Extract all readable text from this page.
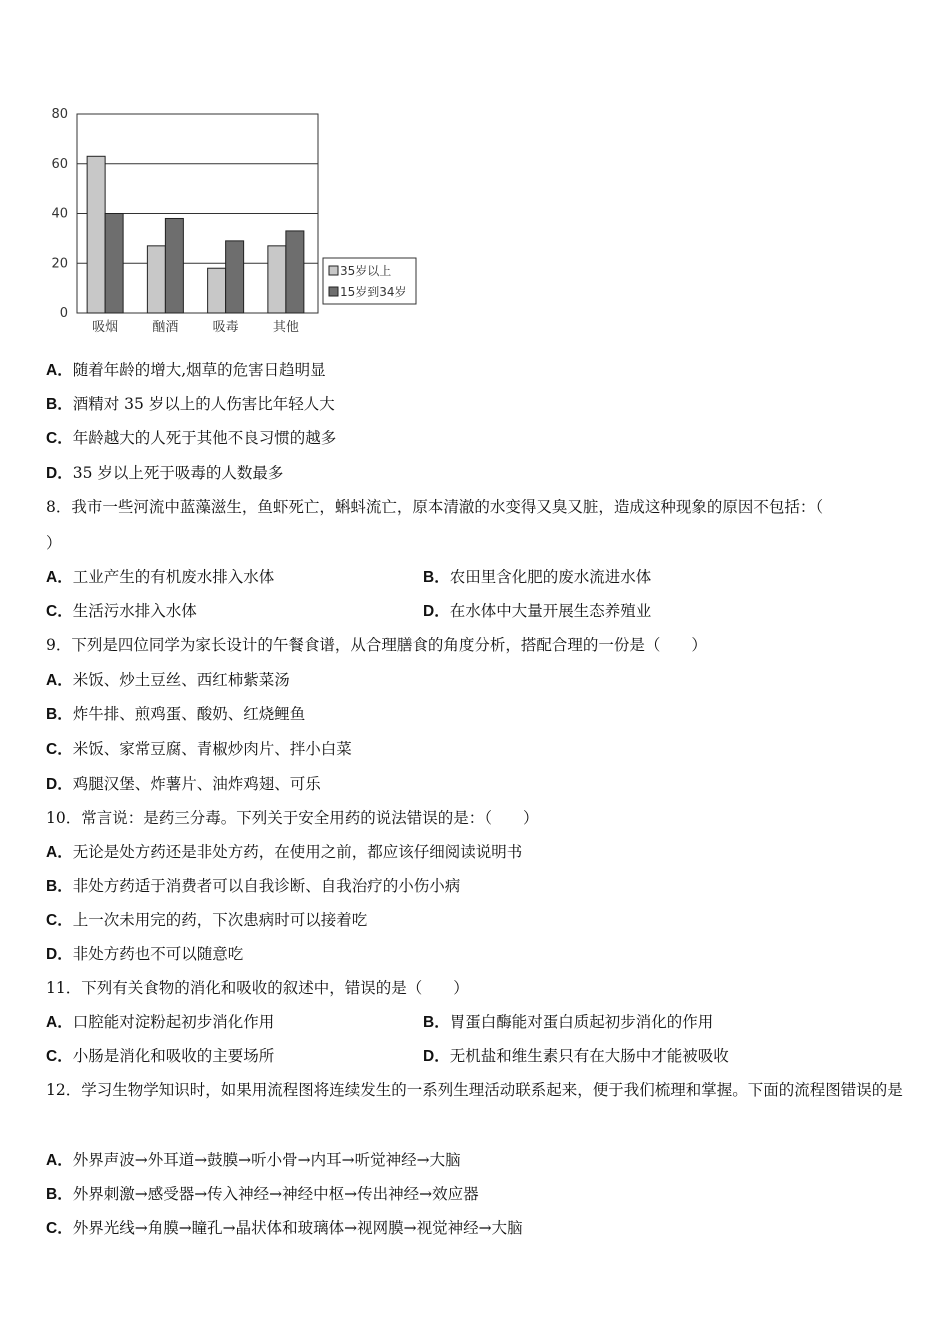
0
20
40
60
80
吸烟	酗酒	吸毒	其他
35岁以上
15岁到34岁
A．随着年龄的增大,烟草的危害日趋明显
B．酒精对 35 岁以上的人伤害比年轻人大
C．年龄越大的人死于其他不良习惯的越多
D．35 岁以上死于吸毒的人数最多
8．我市一些河流中蓝藻滋生，鱼虾死亡，蝌蚪流亡，原本清澈的水变得又臭又脏，造成这种现象的原因不包括：（
）
A．工业产生的有机废水排入水体	B．农田里含化肥的废水流进水体
C．生活污水排入水体	D．在水体中大量开展生态养殖业
9．下列是四位同学为家长设计的午餐食谱，从合理膳食的角度分析，搭配合理的一份是（　　）
A．米饭、炒土豆丝、西红柿紫菜汤
B．炸牛排、煎鸡蛋、酸奶、红烧鲤鱼
C．米饭、家常豆腐、青椒炒肉片、拌小白菜
D．鸡腿汉堡、炸薯片、油炸鸡翅、可乐
10．常言说：是药三分毒。下列关于安全用药的说法错误的是：（　　）
A．无论是处方药还是非处方药，在使用之前，都应该仔细阅读说明书
B．非处方药适于消费者可以自我诊断、自我治疗的小伤小病
C．上一次未用完的药，下次患病时可以接着吃
D．非处方药也不可以随意吃
11．下列有关食物的消化和吸收的叙述中，错误的是（　　）
A．口腔能对淀粉起初步消化作用	B．胃蛋白酶能对蛋白质起初步消化的作用
C．小肠是消化和吸收的主要场所	D．无机盐和维生素只有在大肠中才能被吸收
12．学习生物学知识时，如果用流程图将连续发生的一系列生理活动联系起来，便于我们梳理和掌握。下面的流程图错误的是
A．外界声波→外耳道→鼓膜→听小骨→内耳→听觉神经→大脑
B．外界刺激→感受器→传入神经→神经中枢→传出神经→效应器
C．外界光线→角膜→瞳孔→晶状体和玻璃体→视网膜→视觉神经→大脑
